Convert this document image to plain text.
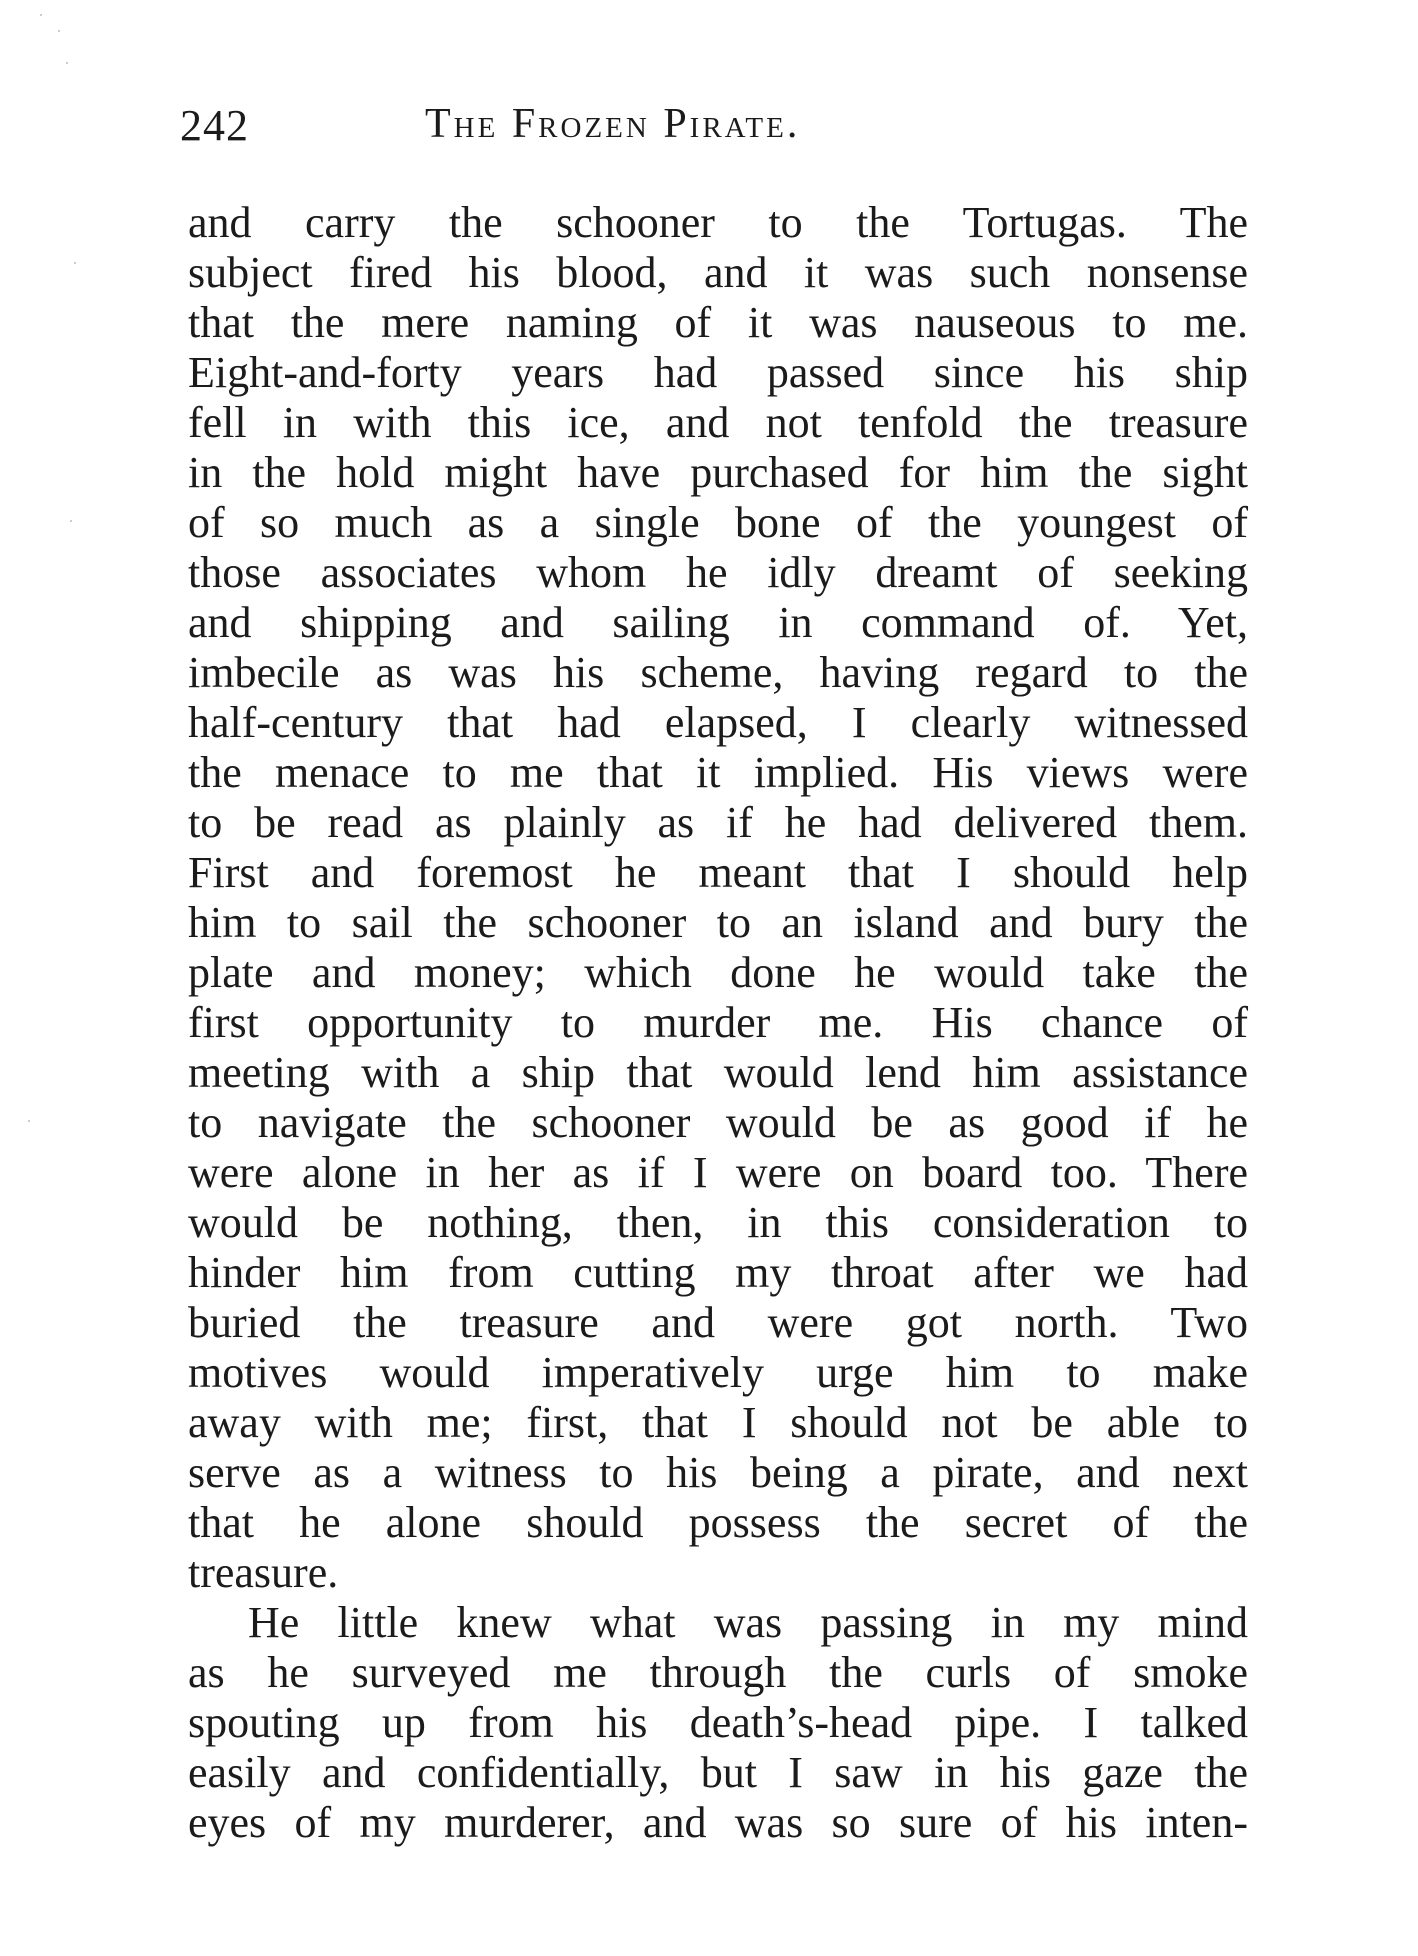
242	The Frozen Pirate.
and carry the schooner to the Tortugas. The
subject fired his blood, and it was such nonsense
that the mere naming of it was nauseous to me.
Eight-and-forty years had passed since his ship
fell in with this ice, and not tenfold the treasure
in the hold might have purchased for him the sight
of so much as a single bone of the youngest of
those associates whom he idly dreamt of seeking
and shipping and sailing in command of. Yet,
imbecile as was his scheme, having regard to the
half-century that had elapsed, I clearly witnessed
the menace to me that it implied. His views were
to be read as plainly as if he had delivered them.
First and foremost he meant that I should help
him to sail the schooner to an island and bury the
plate and money; which done he would take the
first opportunity to murder me. His chance of
meeting with a ship that would lend him assistance
to navigate the schooner would be as good if he
were alone in her as if I were on board too. There
would be nothing, then, in this consideration to
hinder him from cutting my throat after we had
buried the treasure and were got north. Two
motives would imperatively urge him to make
away with me; first, that I should not be able to
serve as a witness to his being a pirate, and next
that he alone should possess the secret of the
treasure.
He little knew what was passing in my mind
as he surveyed me through the curls of smoke
spouting up from his death’s-head pipe. I talked
easily and confidentially, but I saw in his gaze the
eyes of my murderer, and was so sure of his inten-
